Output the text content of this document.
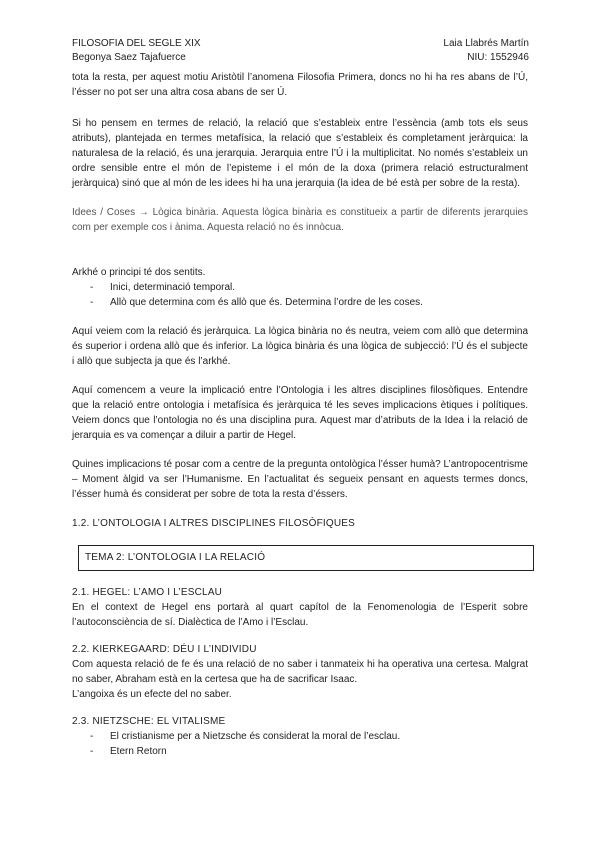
FILOSOFIA DEL SEGLE XIX
Begonya Saez Tajafuerce
Laia Llabrés Martín
NIU: 1552946

tota la resta, per aquest motiu Aristòtil l’anomena Filosofia Primera, doncs no hi ha res abans de l’Ú, l’ésser no pot ser una altra cosa abans de ser Ú.

Si ho pensem en termes de relació, la relació que s’estableix entre l’essència (amb tots els seus atributs), plantejada en termes metafísica, la relació que s’estableix és completament jeràrquica: la naturalesa de la relació, és una jerarquia. Jerarquia entre l’Ú i la multiplicitat. No només s’estableix un ordre sensible entre el món de l’episteme i el món de la doxa (primera relació estructuralment jeràrquica) sinó que al món de les idees hi ha una jerarquia (la idea de bé està per sobre de la resta).

Idees / Coses → Lògica binària. Aquesta lògica binària es constitueix a partir de diferents jerarquies com per exemple cos i ànima. Aquesta relació no és innòcua.

Arkhé o principi té dos sentits.

- Inici, determinació temporal.
- Allò que determina com és allò que és. Determina l’ordre de les coses.

Aquí veiem com la relació és jeràrquica. La lògica binària no és neutra, veiem com allò que determina és superior i ordena allò que és inferior. La lògica binària és una lògica de subjecció: l’Ú és el subjecte i allò que subjecta ja que és l’arkhé.

Aquí comencem a veure la implicació entre l’Ontologia i les altres disciplines filosòfiques. Entendre que la relació entre ontologia i metafísica és jeràrquica té les seves implicacions ètiques i polítiques. Veiem doncs que l’ontologia no és una disciplina pura. Aquest mar d’atributs de la Idea i la relació de jerarquia es va començar a diluir a partir de Hegel.

Quines implicacions té posar com a centre de la pregunta ontològica l’ésser humà? L’antropocentrisme – Moment àlgid va ser l’Humanisme. En l’actualitat és segueix pensant en aquests termes doncs, l’ésser humà és considerat per sobre de tota la resta d’éssers.

1.2. L’ONTOLOGIA I ALTRES DISCIPLINES FILOSÒFIQUES
TEMA 2: L’ONTOLOGIA I LA RELACIÓ
2.1. HEGEL: L’AMO I L’ESCLAU

En el context de Hegel ens portarà al quart capítol de la Fenomenologia de l’Esperit sobre l’autoconsciència de sí. Dialèctica de l’Amo i l’Esclau.

2.2. KIERKEGAARD: DÉU I L’INDIVIDU

Com aquesta relació de fe és una relació de no saber i tanmateix hi ha operativa una certesa. Malgrat no saber, Abraham està en la certesa que ha de sacrificar Isaac.

L’angoixa és un efecte del no saber.

2.3. NIETZSCHE: EL VITALISME
- El cristianisme per a Nietzsche és considerat la moral de l’esclau.
- Etern Retorn
